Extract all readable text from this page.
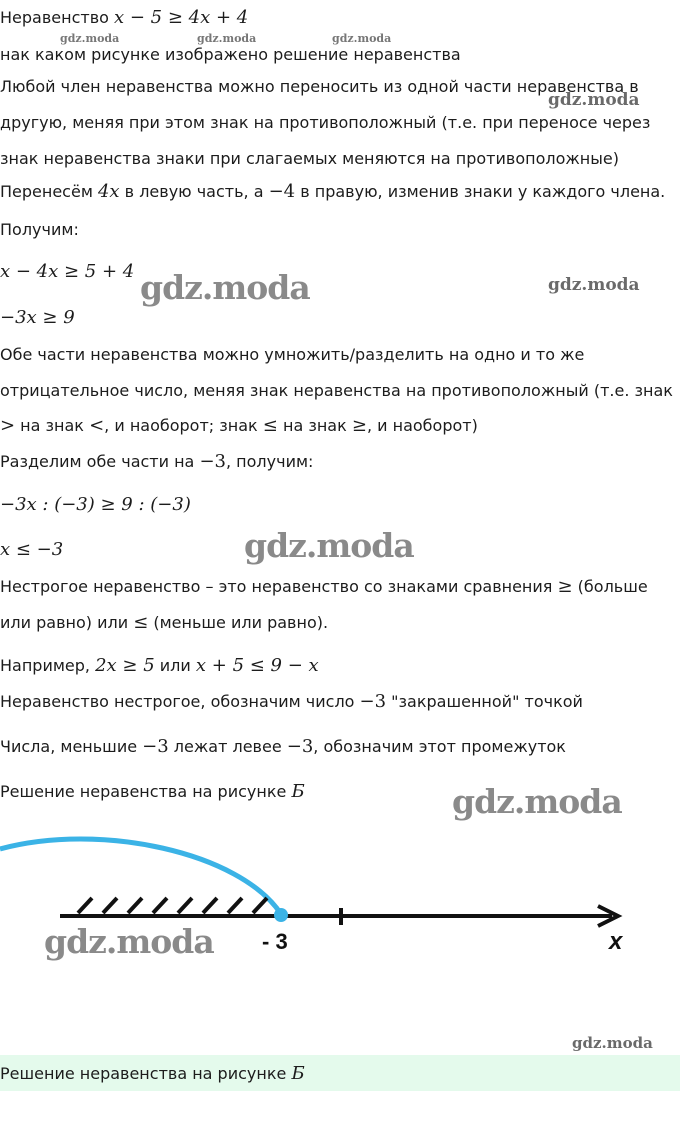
Неравенство x − 5 ≥ 4x + 4
нак каком рисунке изображено решение неравенства
Любой член неравенства можно переносить из одной части неравенства в
другую, меняя при этом знак на противоположный (т.е. при переносе через
знак неравенства знаки при слагаемых меняются на противоположные)
Перенесём 4x в левую часть, а −4 в правую, изменив знаки у каждого члена.
Получим:
x − 4x ≥ 5 + 4
−3x ≥ 9
Обе части неравенства можно умножить/разделить на одно и то же
отрицательное число, меняя знак неравенства на противоположный (т.е. знак
> на знак <, и наоборот; знак ≤ на знак ≥, и наоборот)
Разделим обе части на −3, получим:
−3x : (−3) ≥ 9 : (−3)
x ≤ −3
Нестрогое неравенство – это неравенство со знаками сравнения ≥ (больше
или равно) или ≤ (меньше или равно).
Например, 2x ≥ 5 или x + 5 ≤ 9 − x
Неравенство нестрогое, обозначим число −3 "закрашенной" точкой
Числа, меньшие −3 лежат левее −3, обозначим этот промежуток
Решение неравенства на рисунке Б
- 3	x
Решение неравенства на рисунке Б
gdz.moda	gdz.moda	gdz.moda
gdz.moda
gdz.moda	gdz.moda
gdz.moda
gdz.moda
gdz.moda
gdz.moda
